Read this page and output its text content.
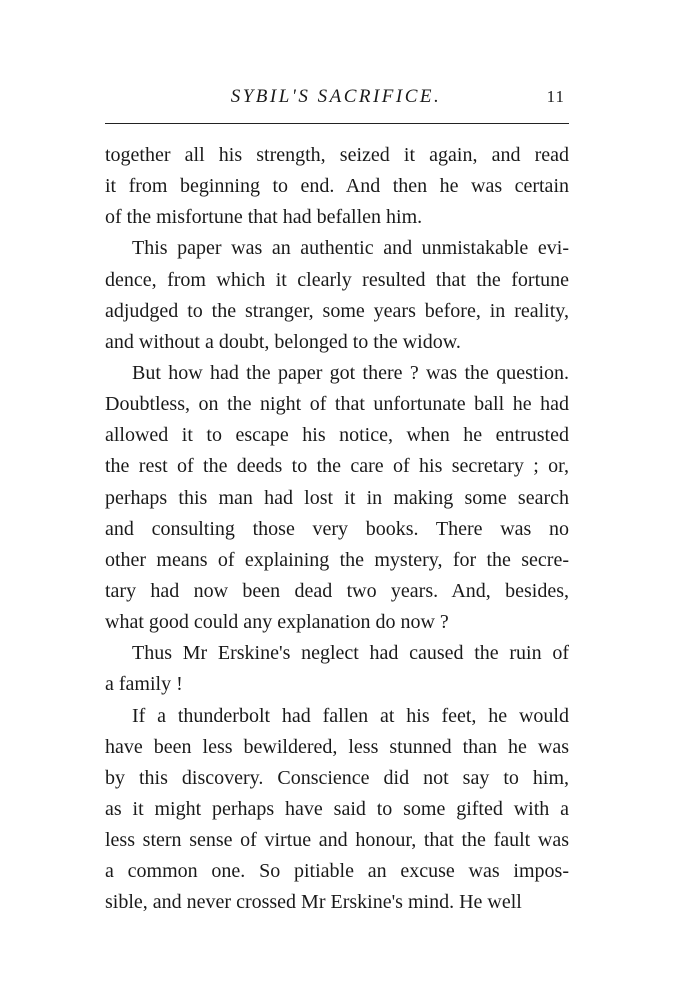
SYBIL'S SACRIFICE.	11
together all his strength, seized it again, and read
it from beginning to end. And then he was certain
of the misfortune that had befallen him.
This paper was an authentic and unmistakable evi-
dence, from which it clearly resulted that the fortune
adjudged to the stranger, some years before, in reality,
and without a doubt, belonged to the widow.
But how had the paper got there ? was the question.
Doubtless, on the night of that unfortunate ball he had
allowed it to escape his notice, when he entrusted
the rest of the deeds to the care of his secretary ; or,
perhaps this man had lost it in making some search
and consulting those very books. There was no
other means of explaining the mystery, for the secre-
tary had now been dead two years. And, besides,
what good could any explanation do now ?
Thus Mr Erskine's neglect had caused the ruin of
a family !
If a thunderbolt had fallen at his feet, he would
have been less bewildered, less stunned than he was
by this discovery. Conscience did not say to him,
as it might perhaps have said to some gifted with a
less stern sense of virtue and honour, that the fault was
a common one. So pitiable an excuse was impos-
sible, and never crossed Mr Erskine's mind. He well
